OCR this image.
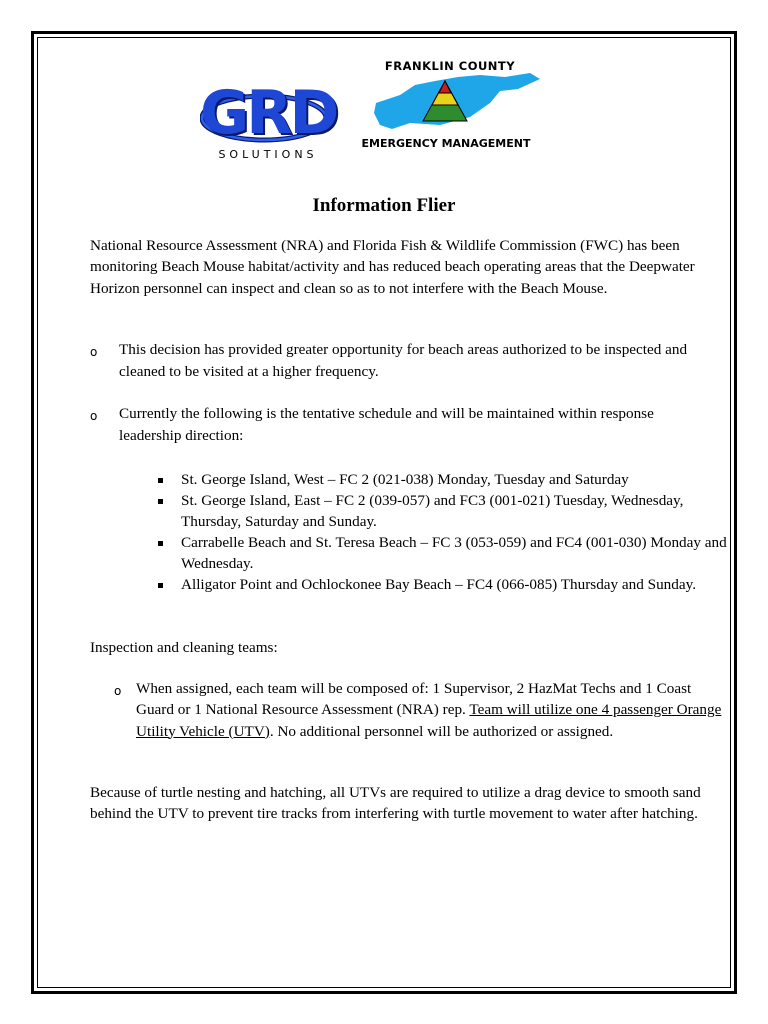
GRD
SOLUTIONS
FRANKLIN COUNTY
EMERGENCY MANAGEMENT
Information Flier

National Resource Assessment (NRA) and Florida Fish & Wildlife Commission (FWC) has been monitoring Beach Mouse habitat/activity and has reduced beach operating areas that the Deepwater Horizon personnel can inspect and clean so as to not interfere with the Beach Mouse.

o This decision has provided greater opportunity for beach areas authorized to be inspected and cleaned to be visited at a higher frequency.
o Currently the following is the tentative schedule and will be maintained within response leadership direction:
St. George Island, West – FC 2 (021-038) Monday, Tuesday and Saturday
St. George Island, East – FC 2 (039-057) and FC3 (001-021) Tuesday, Wednesday, Thursday, Saturday and Sunday.
Carrabelle Beach and St. Teresa Beach – FC 3 (053-059) and FC4 (001-030) Monday and Wednesday.
Alligator Point and Ochlockonee Bay Beach – FC4 (066-085) Thursday and Sunday.

Inspection and cleaning teams:

o When assigned, each team will be composed of: 1 Supervisor, 2 HazMat Techs and 1 Coast Guard or 1 National Resource Assessment (NRA) rep. Team will utilize one 4 passenger Orange Utility Vehicle (UTV). No additional personnel will be authorized or assigned.

Because of turtle nesting and hatching, all UTVs are required to utilize a drag device to smooth sand behind the UTV to prevent tire tracks from interfering with turtle movement to water after hatching.
